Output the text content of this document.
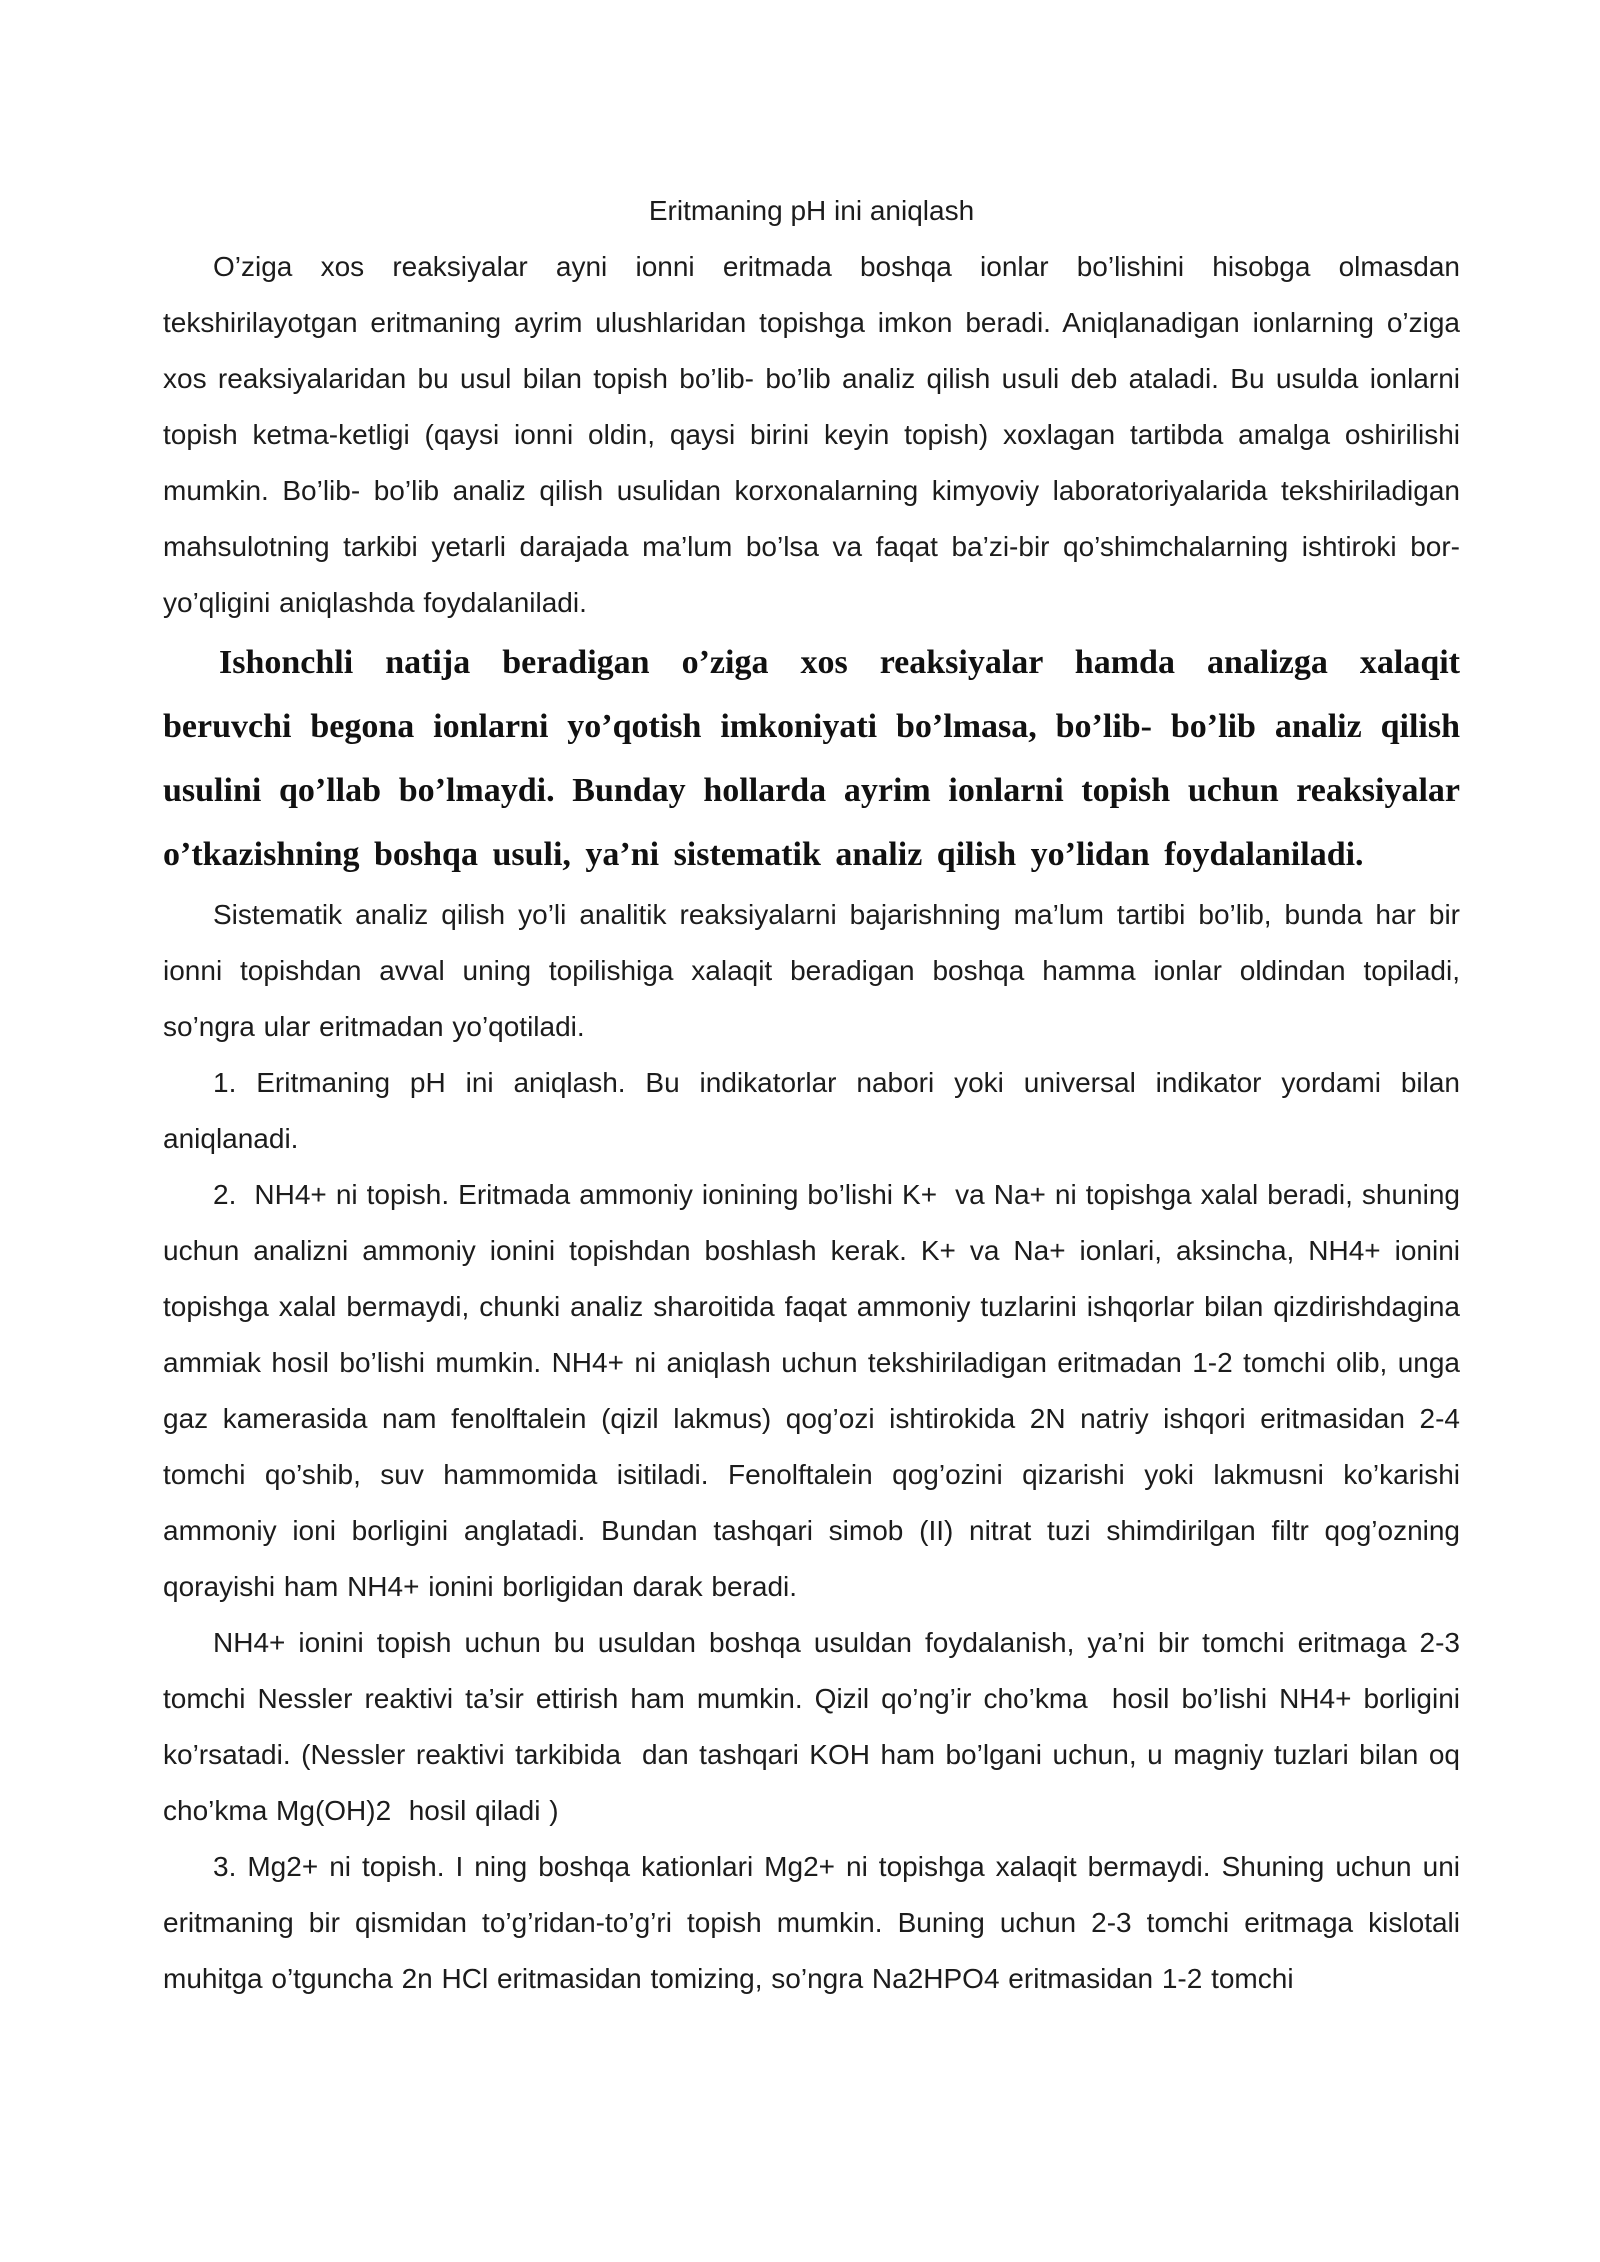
Eritmaning pH ini aniqlash

O’ziga xos reaksiyalar ayni ionni eritmada boshqa ionlar bo’lishini hisobga olmasdan tekshirilayotgan eritmaning ayrim ulushlaridan topishga imkon beradi. Aniqlanadigan ionlarning o’ziga xos reaksiyalaridan bu usul bilan topish bo’lib- bo’lib analiz qilish usuli deb ataladi. Bu usulda ionlarni topish ketma-ketligi (qaysi ionni oldin, qaysi birini keyin topish) xoxlagan tartibda amalga oshirilishi mumkin. Bo’lib- bo’lib analiz qilish usulidan korxonalarning kimyoviy laboratoriyalarida tekshiriladigan mahsulotning tarkibi yetarli darajada ma’lum bo’lsa va faqat ba’zi-bir qo’shimchalarning ishtiroki bor- yo’qligini aniqlashda foydalaniladi.

Ishonchli natija beradigan o’ziga xos reaksiyalar hamda analizga xalaqit beruvchi begona ionlarni yo’qotish imkoniyati bo’lmasa, bo’lib- bo’lib analiz qilish usulini qo’llab bo’lmaydi. Bunday hollarda ayrim ionlarni topish uchun reaksiyalar o’tkazishning boshqa usuli, ya’ni sistematik analiz qilish yo’lidan foydalaniladi.

Sistematik analiz qilish yo’li analitik reaksiyalarni bajarishning ma’lum tartibi bo’lib, bunda har bir ionni topishdan avval uning topilishiga xalaqit beradigan boshqa hamma ionlar oldindan topiladi, so’ngra ular eritmadan yo’qotiladi.

1. Eritmaning pH ini aniqlash. Bu indikatorlar nabori yoki universal indikator yordami bilan aniqlanadi.

2.  NH4+ ni topish. Eritmada ammoniy ionining bo’lishi K+  va Na+ ni topishga xalal beradi, shuning uchun analizni ammoniy ionini topishdan boshlash kerak. K+ va Na+ ionlari, aksincha, NH4+ ionini topishga xalal bermaydi, chunki analiz sharoitida faqat ammoniy tuzlarini ishqorlar bilan qizdirishdagina ammiak hosil bo’lishi mumkin. NH4+ ni aniqlash uchun tekshiriladigan eritmadan 1-2 tomchi olib, unga gaz kamerasida nam fenolftalein (qizil lakmus) qog’ozi ishtirokida 2N natriy ishqori eritmasidan 2-4 tomchi qo’shib, suv hammomida isitiladi. Fenolftalein qog’ozini qizarishi yoki lakmusni ko’karishi ammoniy ioni borligini anglatadi. Bundan tashqari simob (II) nitrat tuzi shimdirilgan filtr qog’ozning qorayishi ham NH4+ ionini borligidan darak beradi.

NH4+ ionini topish uchun bu usuldan boshqa usuldan foydalanish, ya’ni bir tomchi eritmaga 2-3 tomchi Nessler reaktivi ta’sir ettirish ham mumkin. Qizil qo’ng’ir cho’kma  hosil bo’lishi NH4+ borligini ko’rsatadi. (Nessler reaktivi tarkibida  dan tashqari KOH ham bo’lgani uchun, u magniy tuzlari bilan oq cho’kma Mg(OH)2  hosil qiladi )

3. Mg2+ ni topish. I ning boshqa kationlari Mg2+ ni topishga xalaqit bermaydi. Shuning uchun uni eritmaning bir qismidan to’g’ridan-to’g’ri topish mumkin. Buning uchun 2-3 tomchi eritmaga kislotali muhitga o’tguncha 2n HCl eritmasidan tomizing, so’ngra Na2HPO4 eritmasidan 1-2 tomchi
